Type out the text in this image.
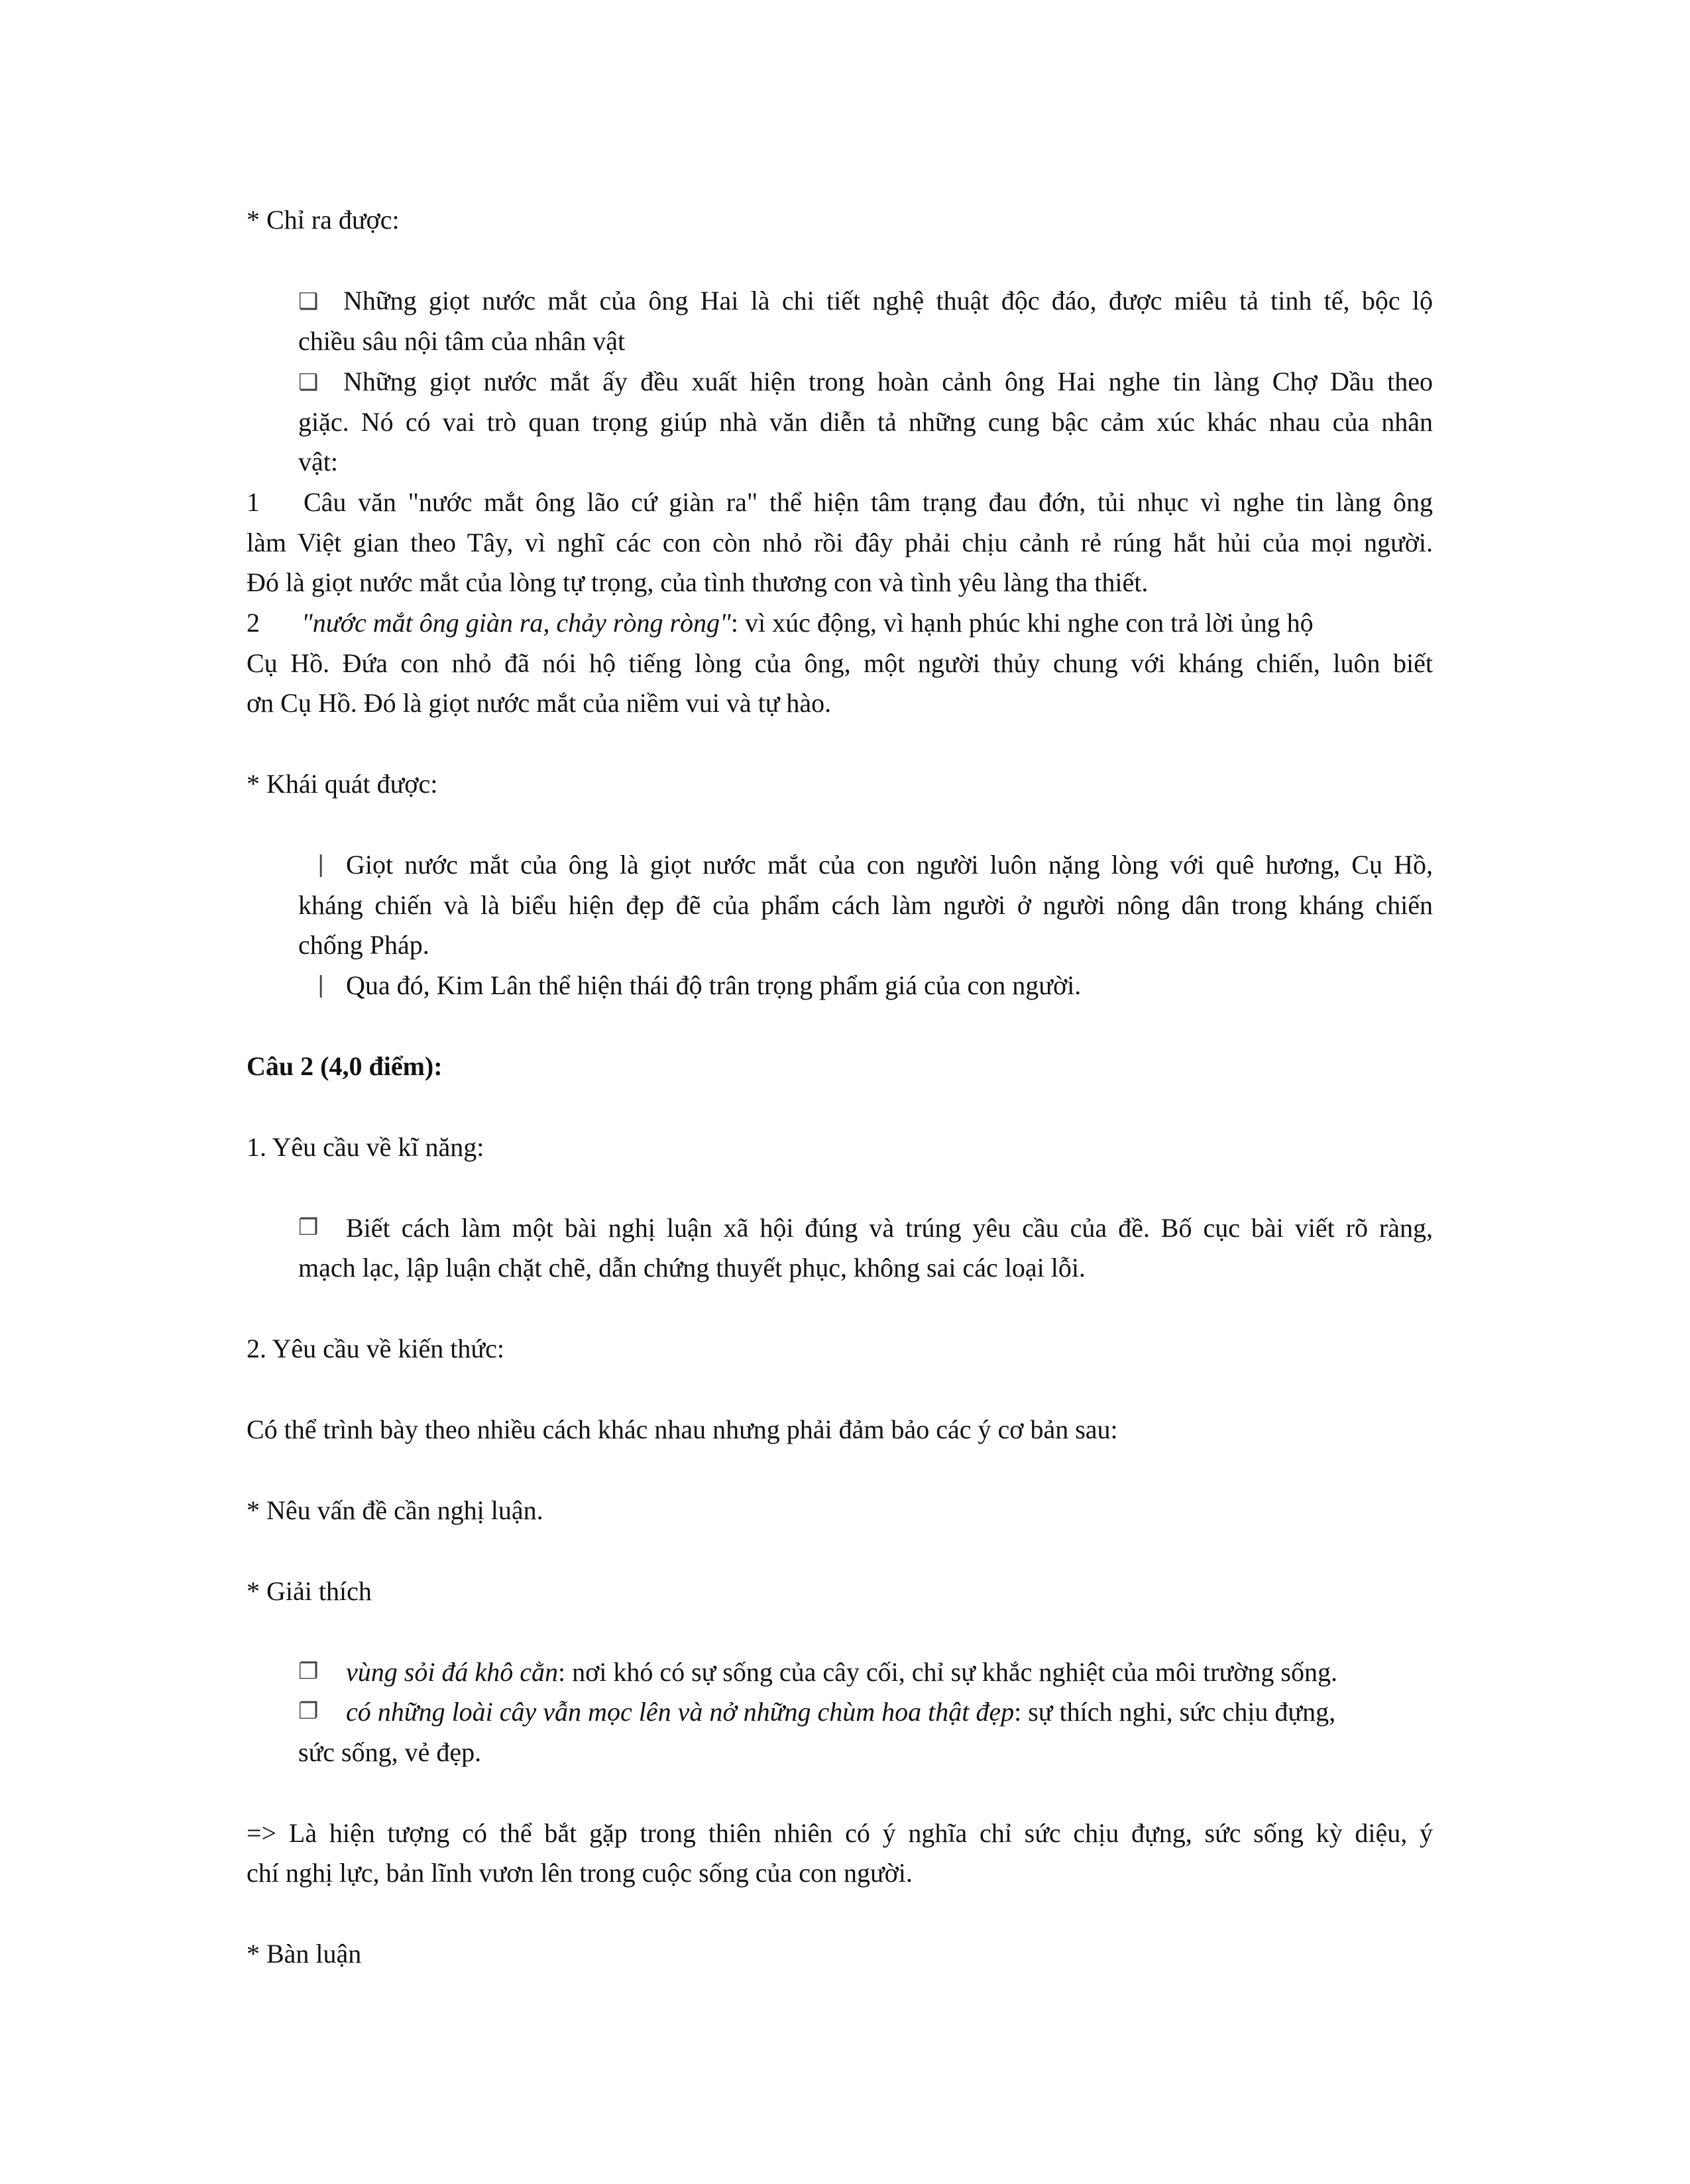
* Chỉ ra được:
❑ Những giọt nước mắt của ông Hai là chi tiết nghệ thuật độc đáo, được miêu tả tinh tế, bộc lộ
chiều sâu nội tâm của nhân vật
❑ Những giọt nước mắt ấy đều xuất hiện trong hoàn cảnh ông Hai nghe tin làng Chợ Dầu theo
giặc. Nó có vai trò quan trọng giúp nhà văn diễn tả những cung bậc cảm xúc khác nhau của nhân
vật:
1 Câu văn "nước mắt ông lão cứ giàn ra" thể hiện tâm trạng đau đớn, tủi nhục vì nghe tin làng ông
làm Việt gian theo Tây, vì nghĩ các con còn nhỏ rồi đây phải chịu cảnh rẻ rúng hắt hủi của mọi người.
Đó là giọt nước mắt của lòng tự trọng, của tình thương con và tình yêu làng tha thiết.
2 "nước mắt ông giàn ra, chảy ròng ròng": vì xúc động, vì hạnh phúc khi nghe con trả lời ủng hộ
Cụ Hồ. Đứa con nhỏ đã nói hộ tiếng lòng của ông, một người thủy chung với kháng chiến, luôn biết
ơn Cụ Hồ. Đó là giọt nước mắt của niềm vui và tự hào.
* Khái quát được:
❘ Giọt nước mắt của ông là giọt nước mắt của con người luôn nặng lòng với quê hương, Cụ Hồ,
kháng chiến và là biểu hiện đẹp đẽ của phẩm cách làm người ở người nông dân trong kháng chiến
chống Pháp.
❘ Qua đó, Kim Lân thể hiện thái độ trân trọng phẩm giá của con người.
Câu 2 (4,0 điểm):
1. Yêu cầu về kĩ năng:
❒ Biết cách làm một bài nghị luận xã hội đúng và trúng yêu cầu của đề. Bố cục bài viết rõ ràng,
mạch lạc, lập luận chặt chẽ, dẫn chứng thuyết phục, không sai các loại lỗi.
2. Yêu cầu về kiến thức:
Có thể trình bày theo nhiều cách khác nhau nhưng phải đảm bảo các ý cơ bản sau:
* Nêu vấn đề cần nghị luận.
* Giải thích
❐ vùng sỏi đá khô cằn: nơi khó có sự sống của cây cối, chỉ sự khắc nghiệt của môi trường sống.
❐ có những loài cây vẫn mọc lên và nở những chùm hoa thật đẹp: sự thích nghi, sức chịu đựng,
sức sống, vẻ đẹp.
=> Là hiện tượng có thể bắt gặp trong thiên nhiên có ý nghĩa chỉ sức chịu đựng, sức sống kỳ diệu, ý
chí nghị lực, bản lĩnh vươn lên trong cuộc sống của con người.
* Bàn luận
